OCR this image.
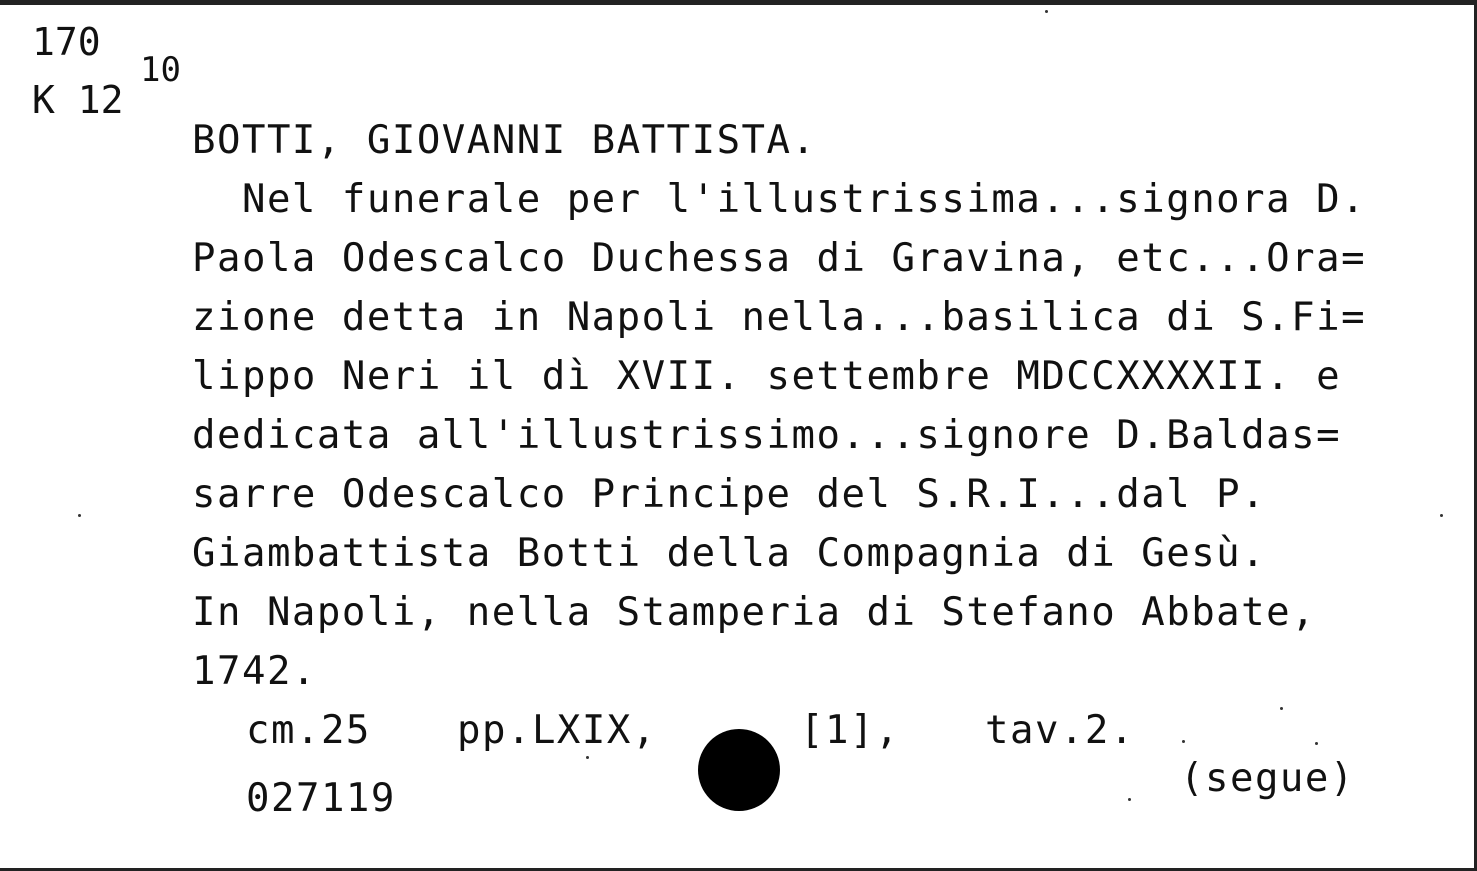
170
K 12
10
BOTTI, GIOVANNI BATTISTA.
Nel funerale per l'illustrissima...signora D.
Paola Odescalco Duchessa di Gravina, etc...Ora=
zione detta in Napoli nella...basilica di S.Fi=
lippo Neri il dì XVII. settembre MDCCXXXXII. e
dedicata all'illustrissimo...signore D.Baldas=
sarre Odescalco Principe del S.R.I...dal P.
Giambattista Botti della Compagnia di Gesù.
In Napoli, nella Stamperia di Stefano Abbate,
1742.
cm.25 pp.LXIX,	[1], tav.2.
027119	(segue)
